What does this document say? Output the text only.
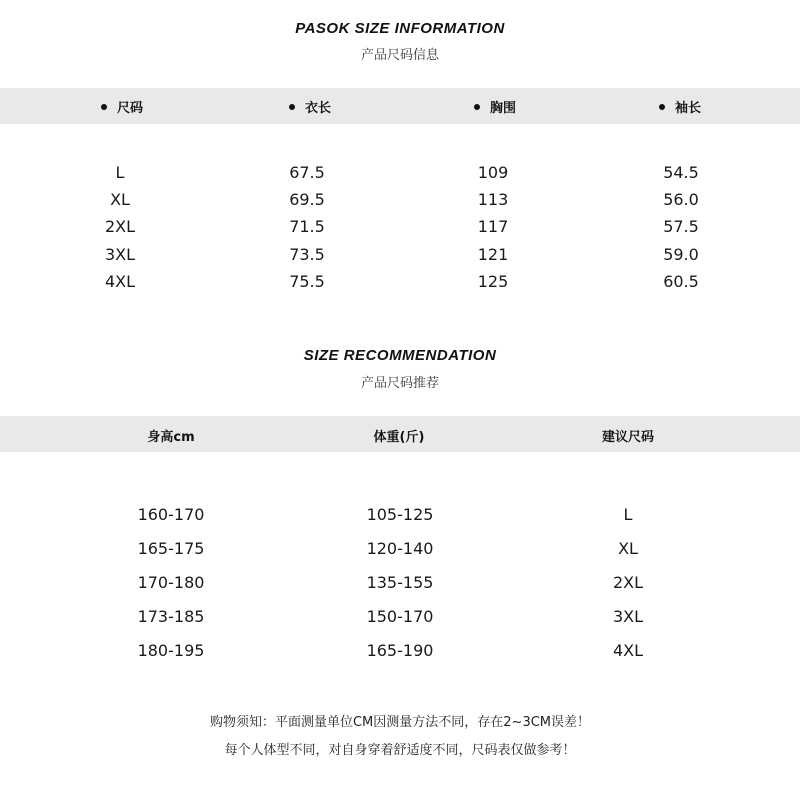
PASOK SIZE INFORMATION
产品尺码信息
尺码	衣长	胸围	袖长
L	67.5	109	54.5
XL	69.5	113	56.0
2XL	71.5	117	57.5
3XL	73.5	121	59.0
4XL	75.5	125	60.5
SIZE RECOMMENDATION
产品尺码推荐
身高cm	体重(斤)	建议尺码
160-170	105-125	L
165-175	120-140	XL
170-180	135-155	2XL
173-185	150-170	3XL
180-195	165-190	4XL
购物须知：平面测量单位CM因测量方法不同，存在2~3CM误差！
每个人体型不同，对自身穿着舒适度不同，尺码表仅做参考！
